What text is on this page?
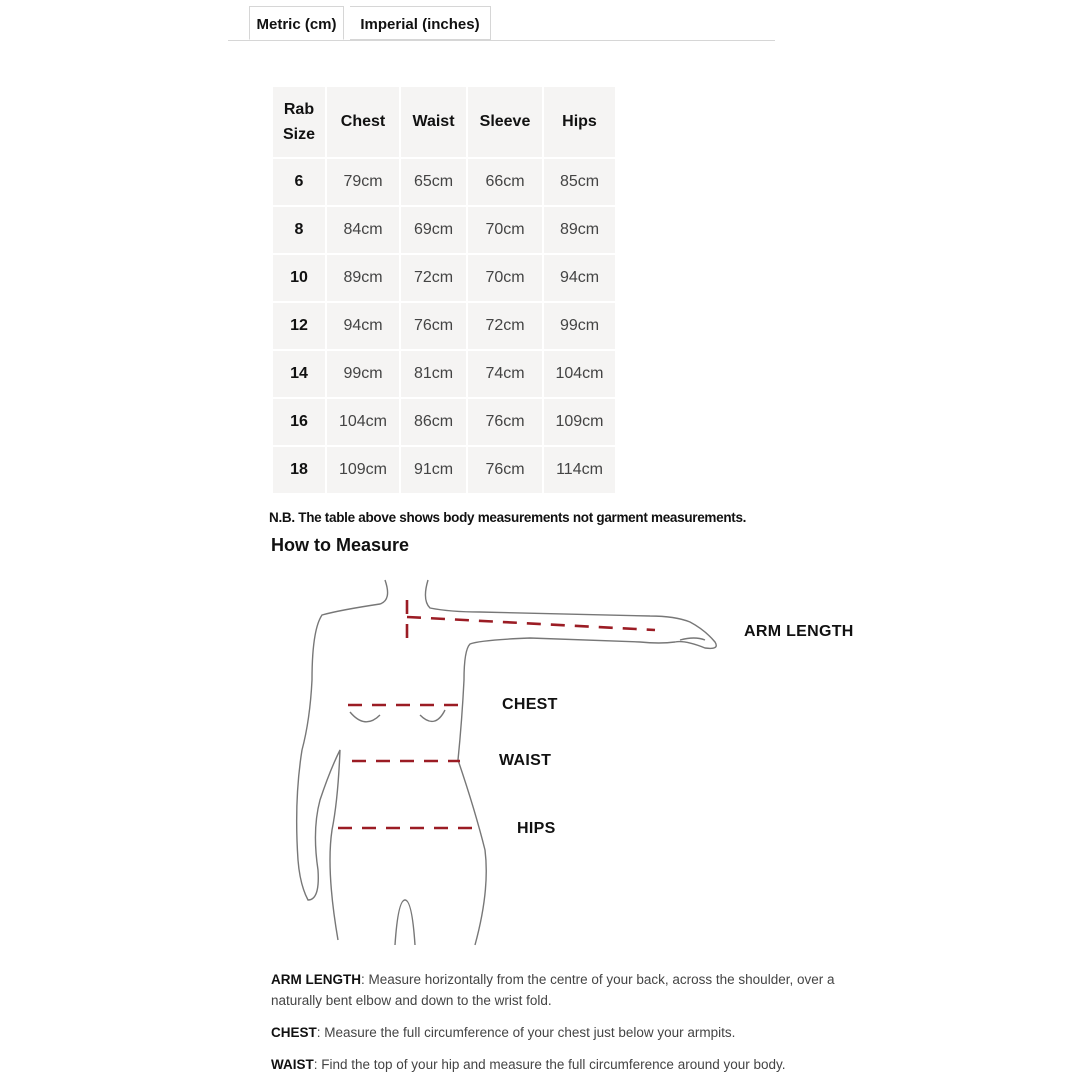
Metric (cm)	Imperial (inches)
Rab Size	Chest	Waist	Sleeve	Hips
6	79cm	65cm	66cm	85cm
8	84cm	69cm	70cm	89cm
10	89cm	72cm	70cm	94cm
12	94cm	76cm	72cm	99cm
14	99cm	81cm	74cm	104cm
16	104cm	86cm	76cm	109cm
18	109cm	91cm	76cm	114cm
N.B. The table above shows body measurements not garment measurements.
How to Measure
ARM LENGTH
CHEST
WAIST
HIPS
ARM LENGTH: Measure horizontally from the centre of your back, across the shoulder, over a naturally bent elbow and down to the wrist fold.
CHEST: Measure the full circumference of your chest just below your armpits.
WAIST: Find the top of your hip and measure the full circumference around your body.
